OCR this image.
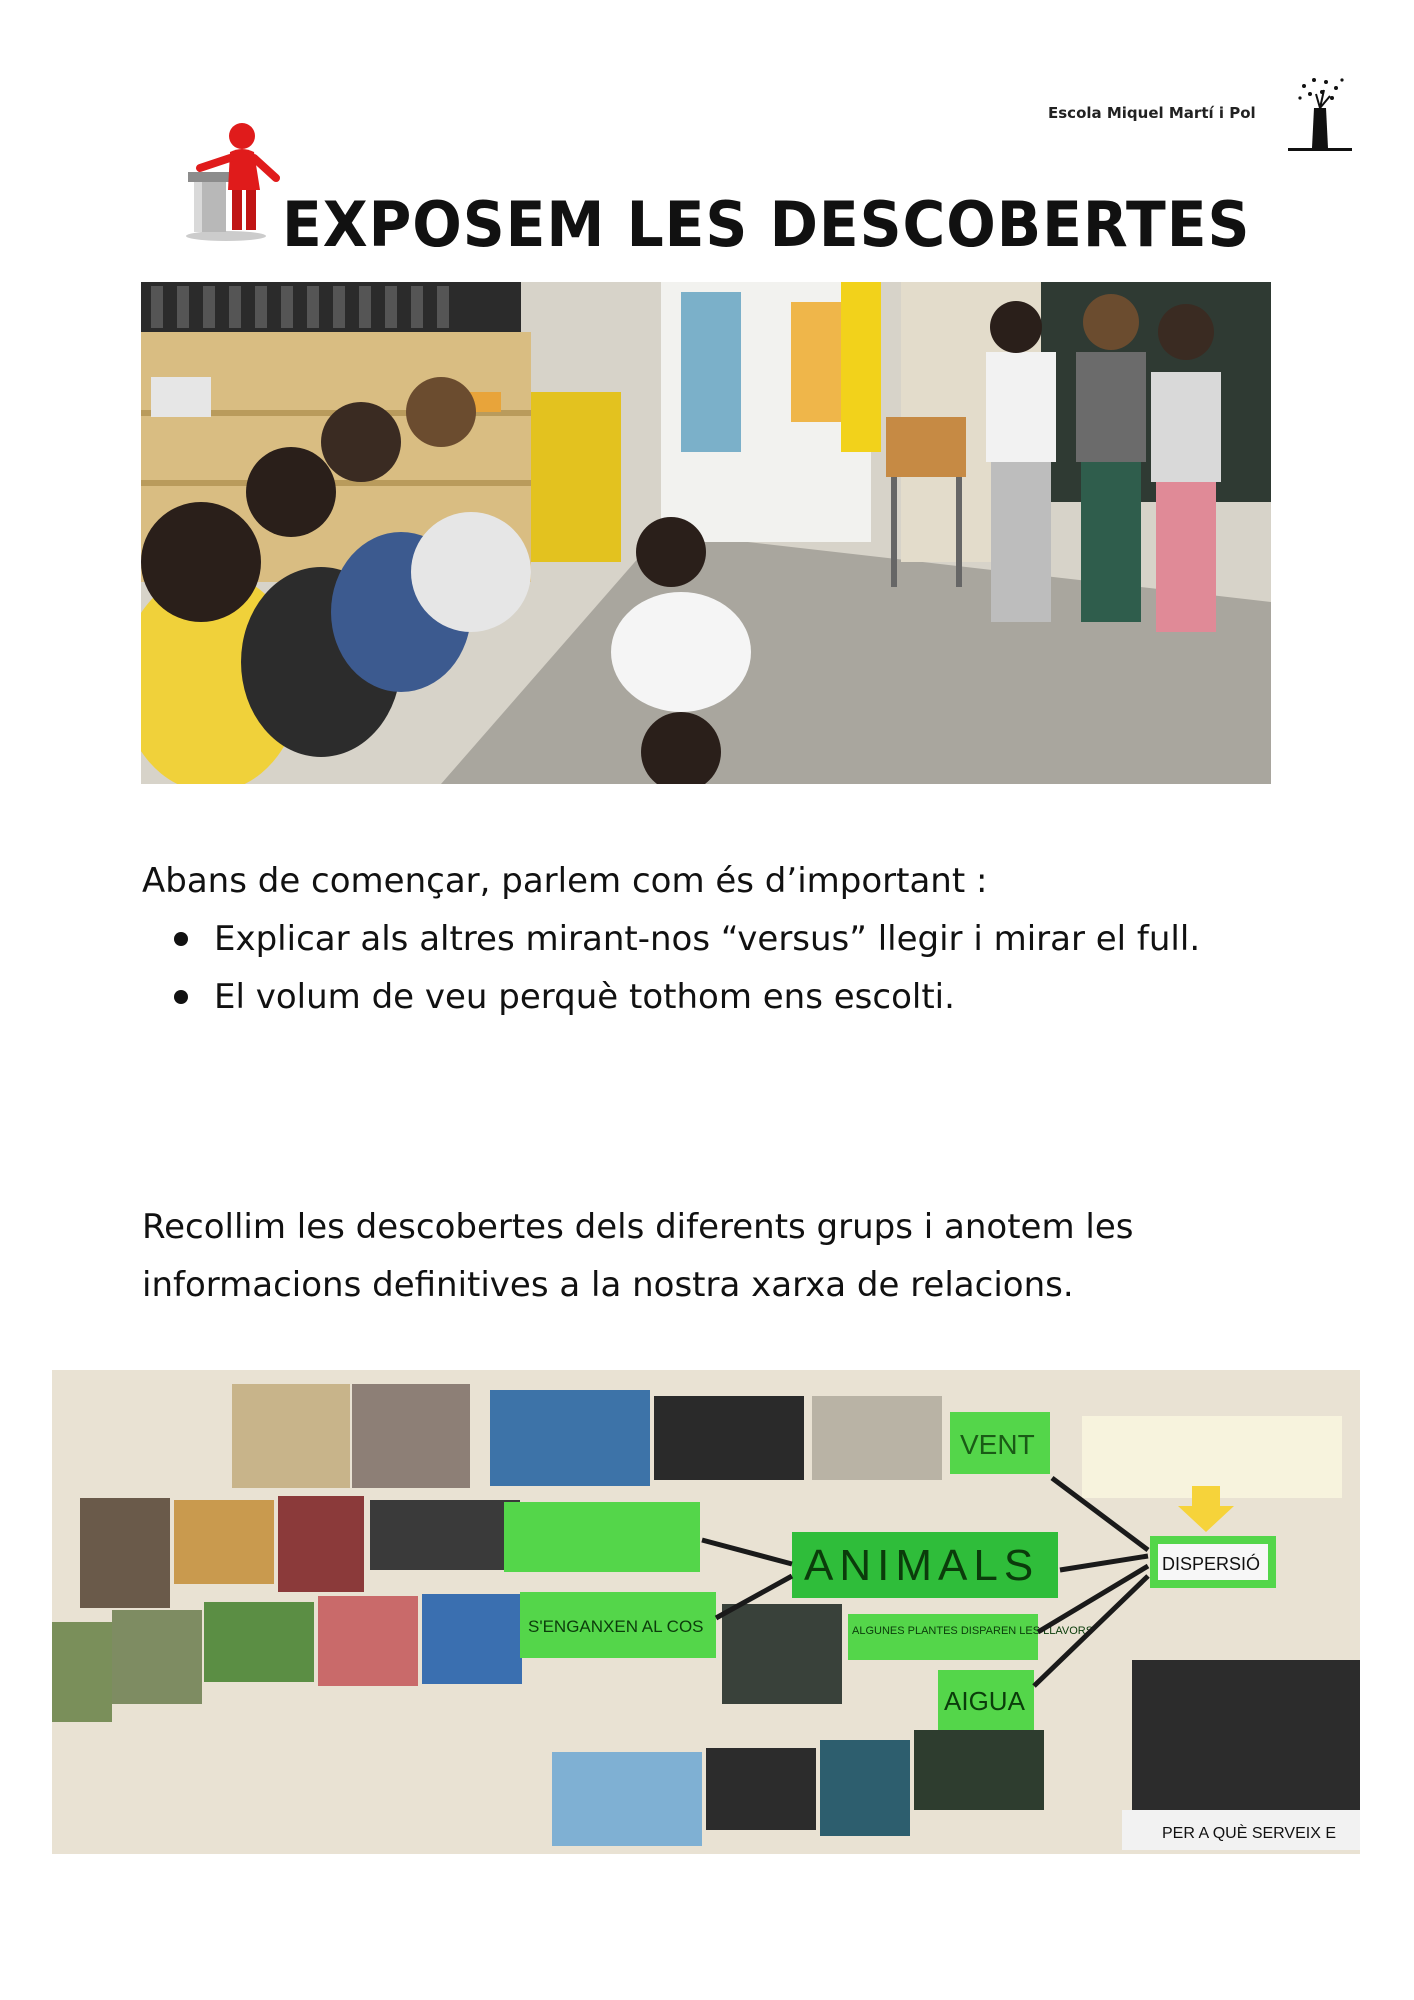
Escola Miquel Martí i Pol
EXPOSEM LES DESCOBERTES
Abans de començar, parlem com és d’important :
Explicar als altres mirant-nos “versus” llegir i mirar el full.
El volum de veu perquè tothom ens escolti.
Recollim les descobertes dels diferents grups i anotem les informacions definitives a la nostra xarxa de relacions.
VENT
ANIMALS
S'ENGANXEN AL COS	ALGUNES PLANTES DISPAREN LES LLAVORS
AIGUA
DISPERSIÓ
PER A QUÈ SERVEIX E
